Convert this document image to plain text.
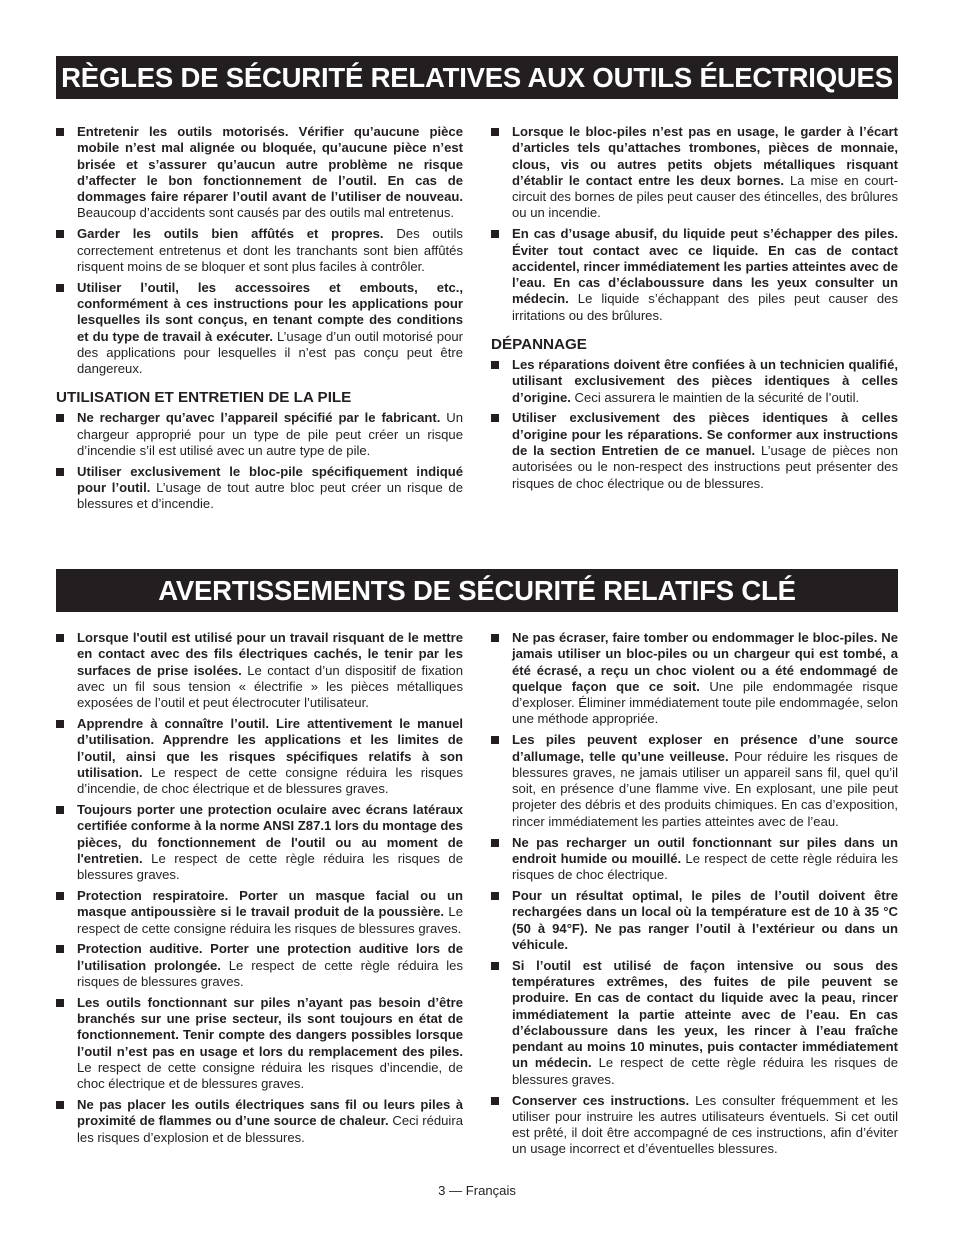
RÈGLES DE SÉCURITÉ RELATIVES AUX OUTILS ÉLECTRIQUES
Entretenir les outils motorisés. Vérifier qu’aucune pièce mobile n’est mal alignée ou bloquée, qu’aucune pièce n’est brisée et s’assurer qu’aucun autre problème ne risque d’affecter le bon fonctionnement de l’outil. En cas de dommages faire réparer l’outil avant de l’utiliser de nouveau. Beaucoup d’accidents sont causés par des outils mal entretenus.
Garder les outils bien affûtés et propres. Des outils correctement entretenus et dont les tranchants sont bien affûtés risquent moins de se bloquer et sont plus faciles à contrôler.
Utiliser l’outil, les accessoires et embouts, etc., conformément à ces instructions pour les applications pour lesquelles ils sont conçus, en tenant compte des conditions et du type de travail à exécuter. L’usage d’un outil motorisé pour des applications pour lesquelles il n’est pas conçu peut être dangereux.
UTILISATION ET ENTRETIEN DE LA PILE
Ne recharger qu’avec l’appareil spécifié par le fabricant. Un chargeur approprié pour un type de pile peut créer un risque d’incendie s’il est utilisé avec un autre type de pile.
Utiliser exclusivement le bloc-pile spécifiquement indiqué pour l’outil. L’usage de tout autre bloc peut créer un risque de blessures et d’incendie.
Lorsque le bloc-piles n’est pas en usage, le garder à l’écart d’articles tels qu’attaches trombones, pièces de monnaie, clous, vis ou autres petits objets métalliques risquant d’établir le contact entre les deux bornes. La mise en court-circuit des bornes de piles peut causer des étincelles, des brûlures ou un incendie.
En cas d’usage abusif, du liquide peut s’échapper des piles. Éviter tout contact avec ce liquide. En cas de contact accidentel, rincer immédiatement les parties atteintes avec de l’eau. En cas d’éclaboussure dans les yeux consulter un médecin. Le liquide s’échappant des piles peut causer des irritations ou des brûlures.
DÉPANNAGE
Les réparations doivent être confiées à un technicien qualifié, utilisant exclusivement des pièces identiques à celles d’origine. Ceci assurera le maintien de la sécurité de l’outil.
Utiliser exclusivement des pièces identiques à celles d’origine pour les réparations. Se conformer aux instructions de la section Entretien de ce manuel. L’usage de pièces non autorisées ou le non-respect des instructions peut présenter des risques de choc électrique ou de blessures.
AVERTISSEMENTS DE SÉCURITÉ RELATIFS CLÉ
Lorsque l'outil est utilisé pour un travail risquant de le mettre en contact avec des fils électriques cachés, le tenir par les surfaces de prise isolées. Le contact d’un dispositif de fixation avec un fil sous tension « électrifie » les pièces métalliques exposées de l’outil et peut électrocuter l’utilisateur.
Apprendre à connaître l’outil. Lire attentivement le manuel d’utilisation. Apprendre les applications et les limites de l’outil, ainsi que les risques spécifiques relatifs à son utilisation. Le respect de cette consigne réduira les risques d’incendie, de choc électrique et de blessures graves.
Toujours porter une protection oculaire avec écrans latéraux certifiée conforme à la norme ANSI Z87.1 lors du montage des pièces, du fonctionnement de l'outil ou au moment de l'entretien. Le respect de cette règle réduira les risques de blessures graves.
Protection respiratoire. Porter un masque facial ou un masque antipoussière si le travail produit de la poussière. Le respect de cette consigne réduira les risques de blessures graves.
Protection auditive. Porter une protection auditive lors de l’utilisation prolongée. Le respect de cette règle réduira les risques de blessures graves.
Les outils fonctionnant sur piles n’ayant pas besoin d’être branchés sur une prise secteur, ils sont toujours en état de fonctionnement. Tenir compte des dangers possibles lorsque l’outil n’est pas en usage et lors du remplacement des piles. Le respect de cette consigne réduira les risques d’incendie, de choc électrique et de blessures graves.
Ne pas placer les outils électriques sans fil ou leurs piles à proximité de flammes ou d’une source de chaleur. Ceci réduira les risques d’explosion et de blessures.
Ne pas écraser, faire tomber ou endommager le bloc-piles. Ne jamais utiliser un bloc-piles ou un chargeur qui est tombé, a été écrasé, a reçu un choc violent ou a été endommagé de quelque façon que ce soit. Une pile endommagée risque d’exploser. Éliminer immédiatement toute pile endommagée, selon une méthode appropriée.
Les piles peuvent exploser en présence d’une source d’allumage, telle qu’une veilleuse. Pour réduire les risques de blessures graves, ne jamais utiliser un appareil sans fil, quel qu’il soit, en présence d’une flamme vive. En explosant, une pile peut projeter des débris et des produits chimiques. En cas d’exposition, rincer immédiatement les parties atteintes avec de l’eau.
Ne pas recharger un outil fonctionnant sur piles dans un endroit humide ou mouillé. Le respect de cette règle réduira les risques de choc électrique.
Pour un résultat optimal, le piles de l’outil doivent être rechargées dans un local où la température est de 10 à 35 °C (50 à 94°F). Ne pas ranger l’outil à l’extérieur ou dans un véhicule.
Si l’outil est utilisé de façon intensive ou sous des températures extrêmes, des fuites de pile peuvent se produire. En cas de contact du liquide avec la peau, rincer immédiatement la partie atteinte avec de l’eau. En cas d’éclaboussure dans les yeux, les rincer à l’eau fraîche pendant au moins 10 minutes, puis contacter immédiatement un médecin. Le respect de cette règle réduira les risques de blessures graves.
Conserver ces instructions. Les consulter fréquemment et les utiliser pour instruire les autres utilisateurs éventuels. Si cet outil est prêté, il doit être accompagné de ces instructions, afin d’éviter un usage incorrect et d’éventuelles blessures.
3 — Français
